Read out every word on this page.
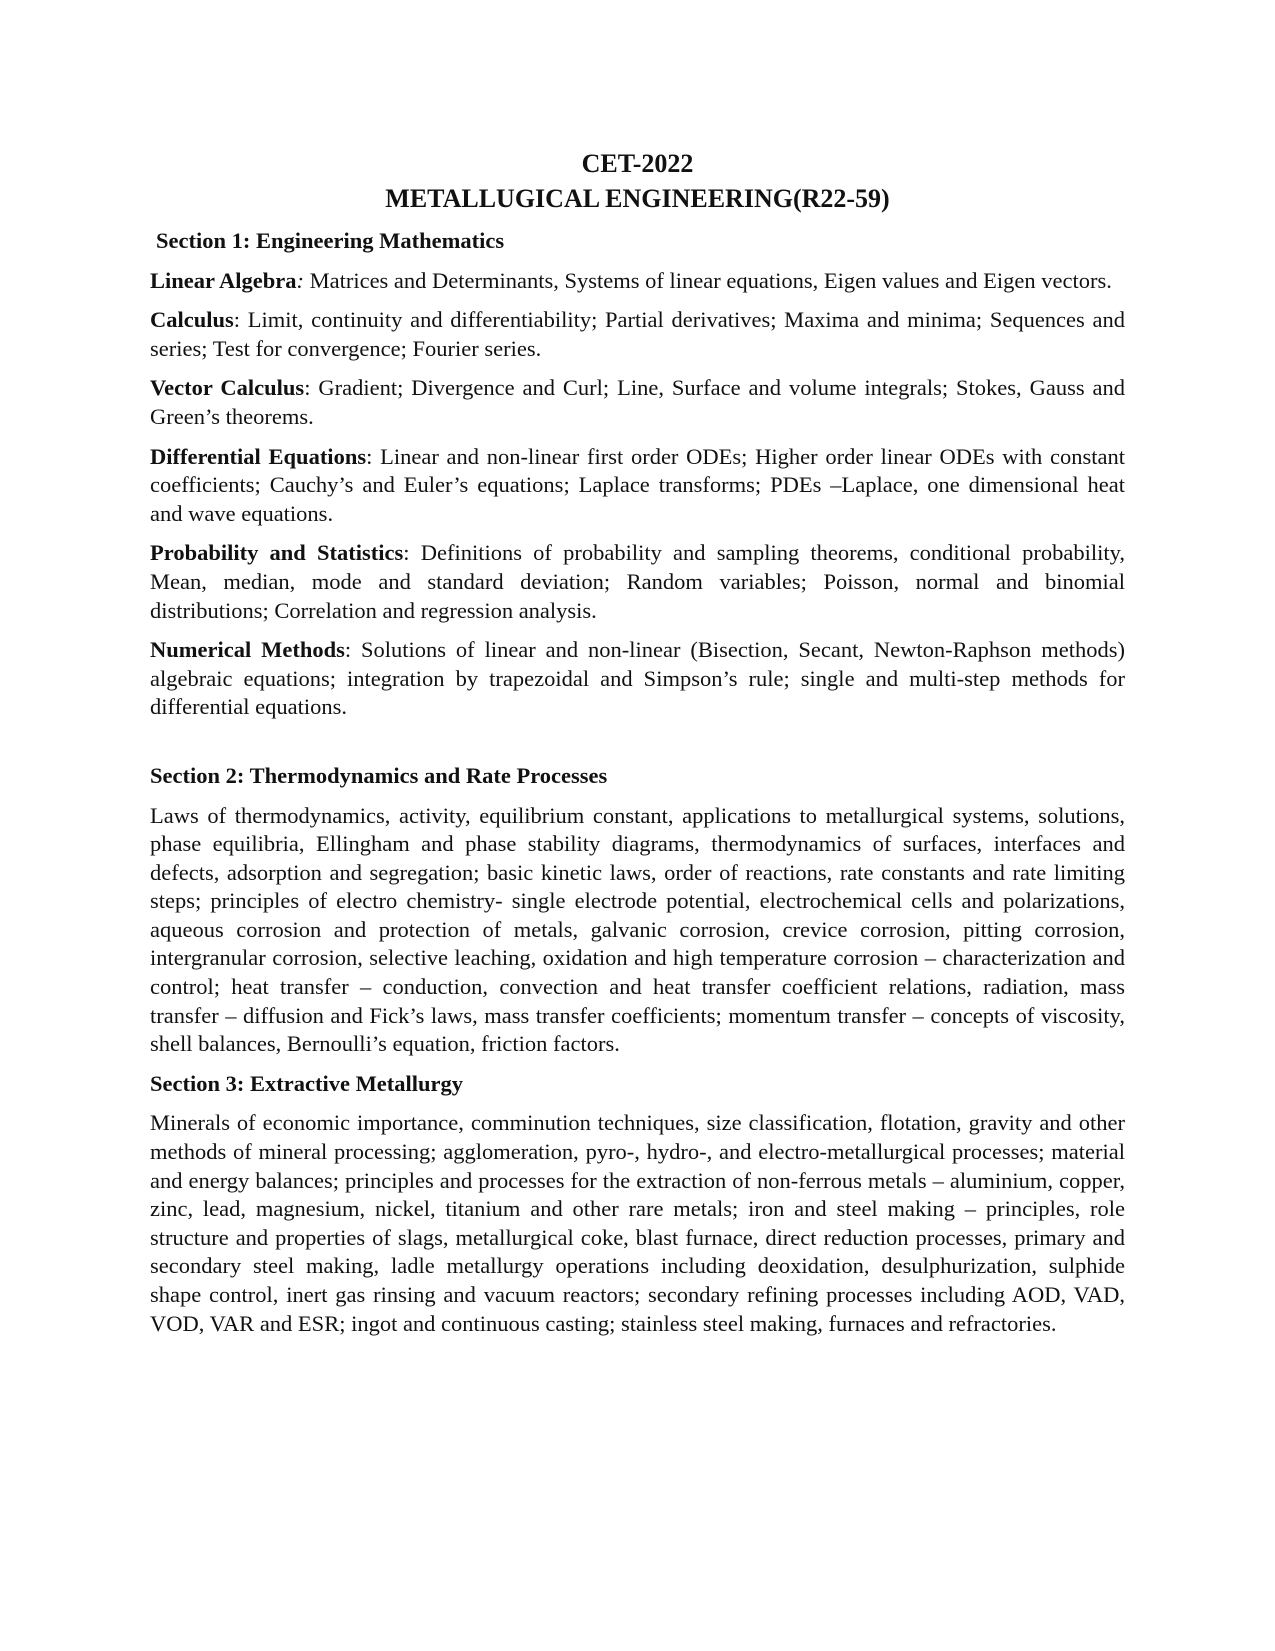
CET-2022

METALLUGICAL ENGINEERING(R22-59)

Section 1: Engineering Mathematics

Linear Algebra: Matrices and Determinants, Systems of linear equations, Eigen values and Eigen vectors.

Calculus: Limit, continuity and differentiability; Partial derivatives; Maxima and minima; Sequences and series; Test for convergence; Fourier series.

Vector Calculus: Gradient; Divergence and Curl; Line, Surface and volume integrals; Stokes, Gauss and Green’s theorems.

Differential Equations: Linear and non-linear first order ODEs; Higher order linear ODEs with constant coefficients; Cauchy’s and Euler’s equations; Laplace transforms; PDEs –Laplace, one dimensional heat and wave equations.

Probability and Statistics: Definitions of probability and sampling theorems, conditional probability, Mean, median, mode and standard deviation; Random variables; Poisson, normal and binomial distributions; Correlation and regression analysis.

Numerical Methods: Solutions of linear and non-linear (Bisection, Secant, Newton-Raphson methods) algebraic equations; integration by trapezoidal and Simpson’s rule; single and multi-step methods for differential equations.

Section 2: Thermodynamics and Rate Processes

Laws of thermodynamics, activity, equilibrium constant, applications to metallurgical systems, solutions, phase equilibria, Ellingham and phase stability diagrams, thermodynamics of surfaces, interfaces and defects, adsorption and segregation; basic kinetic laws, order of reactions, rate constants and rate limiting steps; principles of electro chemistry- single electrode potential, electrochemical cells and polarizations, aqueous corrosion and protection of metals, galvanic corrosion, crevice corrosion, pitting corrosion, intergranular corrosion, selective leaching, oxidation and high temperature corrosion – characterization and control; heat transfer – conduction, convection and heat transfer coefficient relations, radiation, mass transfer – diffusion and Fick’s laws, mass transfer coefficients; momentum transfer – concepts of viscosity, shell balances, Bernoulli’s equation, friction factors.

Section 3: Extractive Metallurgy

Minerals of economic importance, comminution techniques, size classification, flotation, gravity and other methods of mineral processing; agglomeration, pyro-, hydro-, and electro-metallurgical processes; material and energy balances; principles and processes for the extraction of non-ferrous metals – aluminium, copper, zinc, lead, magnesium, nickel, titanium and other rare metals; iron and steel making – principles, role structure and properties of slags, metallurgical coke, blast furnace, direct reduction processes, primary and secondary steel making, ladle metallurgy operations including deoxidation, desulphurization, sulphide shape control, inert gas rinsing and vacuum reactors; secondary refining processes including AOD, VAD, VOD, VAR and ESR; ingot and continuous casting; stainless steel making, furnaces and refractories.
